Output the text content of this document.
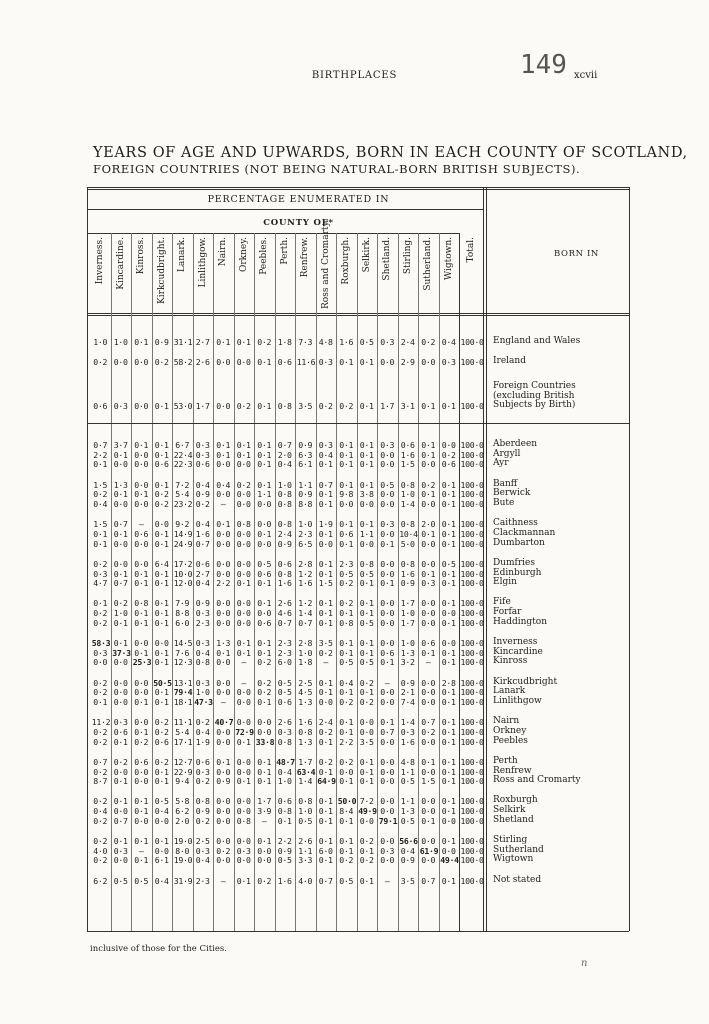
BIRTHPLACES	149 xcvii
YEARS OF AGE AND UPWARDS, BORN IN EACH COUNTY OF SCOTLAND,
FOREIGN COUNTRIES (NOT BEING NATURAL-BORN BRITISH SUBJECTS).
PERCENTAGE ENUMERATED IN
COUNTY OF*
BORN IN
Inverness. Kincardine. Kinross. Kirkcudbright. Lanark. Linlithgow. Nairn. Orkney. Peebles. Perth. Renfrew. Ross and Cromarty. Roxburgh. Selkirk. Shetland. Stirling. Sutherland. Wigtown. Total.
1·0 1·0 0·1 0·9 31·1 2·7 0·1 0·1 0·2 1·8 7·3 4·8 1·6 0·5 0·3 2·4 0·2 0·4 100·0 England and Wales
0·2 0·0 0·0 0·2 58·2 2·6 0·0 0·0 0·1 0·6 11·6 0·3 0·1 0·1 0·0 2·9 0·0 0·3 100·0 Ireland
0·6 0·3 0·0 0·1 53·0 1·7 0·0 0·2 0·1 0·8 3·5 0·2 0·2 0·1 1·7 3·1 0·1 0·1 100·0
Foreign Countries
(excluding British
Subjects by Birth)
0·7 3·7 0·1 0·1 6·7 0·3 0·1 0·1 0·1 0·7 0·9 0·3 0·1 0·1 0·3 0·6 0·1 0·0 100·0 Aberdeen
2·2 0·1 0·0 0·1 22·4 0·3 0·1 0·1 0·1 2·0 6·3 0·4 0·1 0·1 0·0 1·6 0·1 0·2 100·0 Argyll
0·1 0·0 0·0 0·6 22·3 0·6 0·0 0·0 0·1 0·4 6·1 0·1 0·1 0·1 0·0 1·5 0·0 0·6 100·0 Ayr
1·5 1·3 0·0 0·1 7·2 0·4 0·4 0·2 0·1 1·0 1·1 0·7 0·1 0·1 0·5 0·8 0·2 0·1 100·0 Banff
0·2 0·1 0·1 0·2 5·4 0·9 0·0 0·0 1·1 0·8 0·9 0·1 9·8 3·8 0·0 1·0 0·1 0·1 100·0 Berwick
0·4 0·0 0·0 0·2 23·2 0·2	—	0·0 0·0 0·8 8·8 0·1 0·0 0·0 0·0 1·4 0·0 0·1 100·0 Bute
1·5 0·7	—	0·0 9·2 0·4 0·1 0·8 0·0 0·8 1·0 1·9 0·1 0·1 0·3 0·8 2·0 0·1 100·0 Caithness
0·1 0·1 0·6 0·1 14·9 1·6 0·0 0·0 0·1 2·4 2·3 0·1 0·6 1·1 0·0 10·4 0·1 0·1 100·0 Clackmannan
0·1 0·0 0·0 0·1 24·9 0·7 0·0 0·0 0·0 0·9 6·5 0·0 0·1 0·0 0·1 5·0 0·0 0·1 100·0 Dumbarton
0·2 0·0 0·0 6·4 17·2 0·6 0·0 0·0 0·5 0·6 2·8 0·1 2·3 0·8 0·0 0·8 0·0 0·5 100·0 Dumfries
0·3 0·1 0·1 0·1 10·0 2·7 0·0 0·0 0·6 0·8 1·2 0·1 0·5 0·5 0·0 1·6 0·1 0·1 100·0 Edinburgh
4·7 0·7 0·1 0·1 12·0 0·4 2·2 0·1 0·1 1·6 1·6 1·5 0·2 0·1 0·1 0·9 0·3 0·1 100·0 Elgin
0·1 0·2 0·8 0·1 7·9 0·9 0·0 0·0 0·1 2·6 1·2 0·1 0·2 0·1 0·0 1·7 0·0 0·1 100·0 Fife
0·2 1·0 0·1 0·1 8·8 0·3 0·0 0·0 0·0 4·6 1·4 0·1 0·1 0·1 0·0 1·0 0·0 0·0 100·0 Forfar
0·2 0·1 0·1 0·1 6·0 2·3 0·0 0·0 0·6 0·7 0·7 0·1 0·8 0·5 0·0 1·7 0·0 0·1 100·0 Haddington
58·3 0·1 0·0 0·0 14·5 0·3 1·3 0·1 0·1 2·3 2·8 3·5 0·1 0·1 0·0 1·0 0·6 0·0 100·0 Inverness
0·3 37·3 0·1 0·1 7·6 0·4 0·1 0·1 0·1 2·3 1·0 0·2 0·1 0·1 0·6 1·3 0·1 0·1 100·0 Kincardine
0·0 0·0 25·3 0·1 12·3 0·8 0·0	—	0·2 6·0 1·8	—	0·5 0·5 0·1 3·2	—	0·1 100·0 Kinross
0·2 0·0 0·0 50·5 13·1 0·3 0·0	—	0·2 0·5 2·5 0·1 0·4 0·2	—	0·9 0·0 2·8 100·0 Kirkcudbright
0·2 0·0 0·0 0·1 79·4 1·0 0·0 0·0 0·2 0·5 4·5 0·1 0·1 0·1 0·0 2·1 0·0 0·1 100·0 Lanark
0·1 0·0 0·1 0·1 18·1 47·3 —	0·0 0·1 0·6 1·3 0·0 0·2 0·2 0·0 7·4 0·0 0·1 100·0 Linlithgow
11·2 0·3 0·0 0·2 11·1 0·2 40·7 0·0 0·0 2·6 1·6 2·4 0·1 0·0 0·1 1·4 0·7 0·1 100·0 Nairn
0·2 0·6 0·1 0·2 5·4 0·4 0·0 72·9 0·0 0·3 0·8 0·2 0·1 0·0 0·7 0·3 0·2 0·1 100·0 Orkney
0·2 0·1 0·2 0·6 17·1 1·9 0·0 0·1 33·8 0·8 1·3 0·1 2·2 3·5 0·0 1·6 0·0 0·1 100·0 Peebles
0·7 0·2 0·6 0·2 12·7 0·6 0·1 0·0 0·1 48·7 1·7 0·2 0·2 0·1 0·0 4·8 0·1 0·1 100·0 Perth
0·2 0·0 0·0 0·1 22·9 0·3 0·0 0·0 0·1 0·4 63·4 0·1 0·0 0·1 0·0 1·1 0·0 0·1 100·0 Renfrew
8·7 0·1 0·0 0·1 9·4 0·2 0·9 0·1 0·1 1·0 1·4 64·9 0·1 0·1 0·0 0·5 1·5 0·1 100·0 Ross and Cromarty
0·2 0·1 0·1 0·5 5·8 0·8 0·0 0·0 1·7 0·6 0·8 0·1 50·0 7·2 0·0 1·1 0·0 0·1 100·0 Roxburgh
0·4 0·0 0·1 0·4 6·2 0·9 0·0 0·0 3·9 0·8 1·0 0·1 8·4 49·9 0·0 1·3 0·0 0·1 100·0 Selkirk
0·2 0·7 0·0 0·0 2·0 0·2 0·0 0·8	—	0·1 0·5 0·1 0·1 0·0 79·1 0·5 0·1 0·0 100·0 Shetland
0·2 0·1 0·1 0·1 19·0 2·5 0·0 0·0 0·1 2·2 2·6 0·1 0·1 0·2 0·0 56·6 0·0 0·1 100·0 Stirling
4·0 0·3	—	0·0 8·0 0·3 0·2 0·3 0·0 0·9 1·1 6·0 0·1 0·1 0·3 0·4 61·9 0·0 100·0 Sutherland
0·2 0·0 0·1 6·1 19·0 0·4 0·0 0·0 0·0 0·5 3·3 0·1 0·2 0·2 0·0 0·9 0·0 49·4 100·0 Wigtown
6·2 0·5 0·5 0·4 31·9 2·3	—	0·1 0·2 1·6 4·0 0·7 0·5 0·1	—	3·5 0·7 0·1 100·0 Not stated
inclusive of those for the Cities.
n
